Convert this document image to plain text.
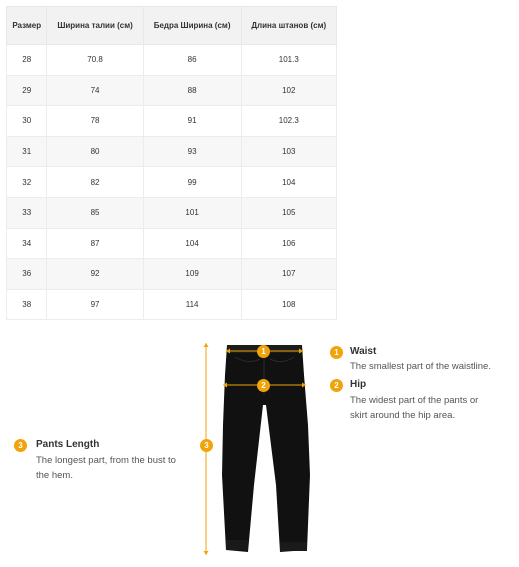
Размер	Ширина талии (см)	Бедра Ширина (см)	Длина штанов (см)
28	70.8	86	101.3
29	74	88	102
30	78	91	102.3
31	80	93	103
32	82	99	104
33	85	101	105
34	87	104	106
36	92	109	107
38	97	114	108
1
2
3
1	Waist
The smallest part of the waistline.
2	Hip
The widest part of the pants or
skirt around the hip area.
3	Pants Length
The longest part, from the bust to
the hem.
